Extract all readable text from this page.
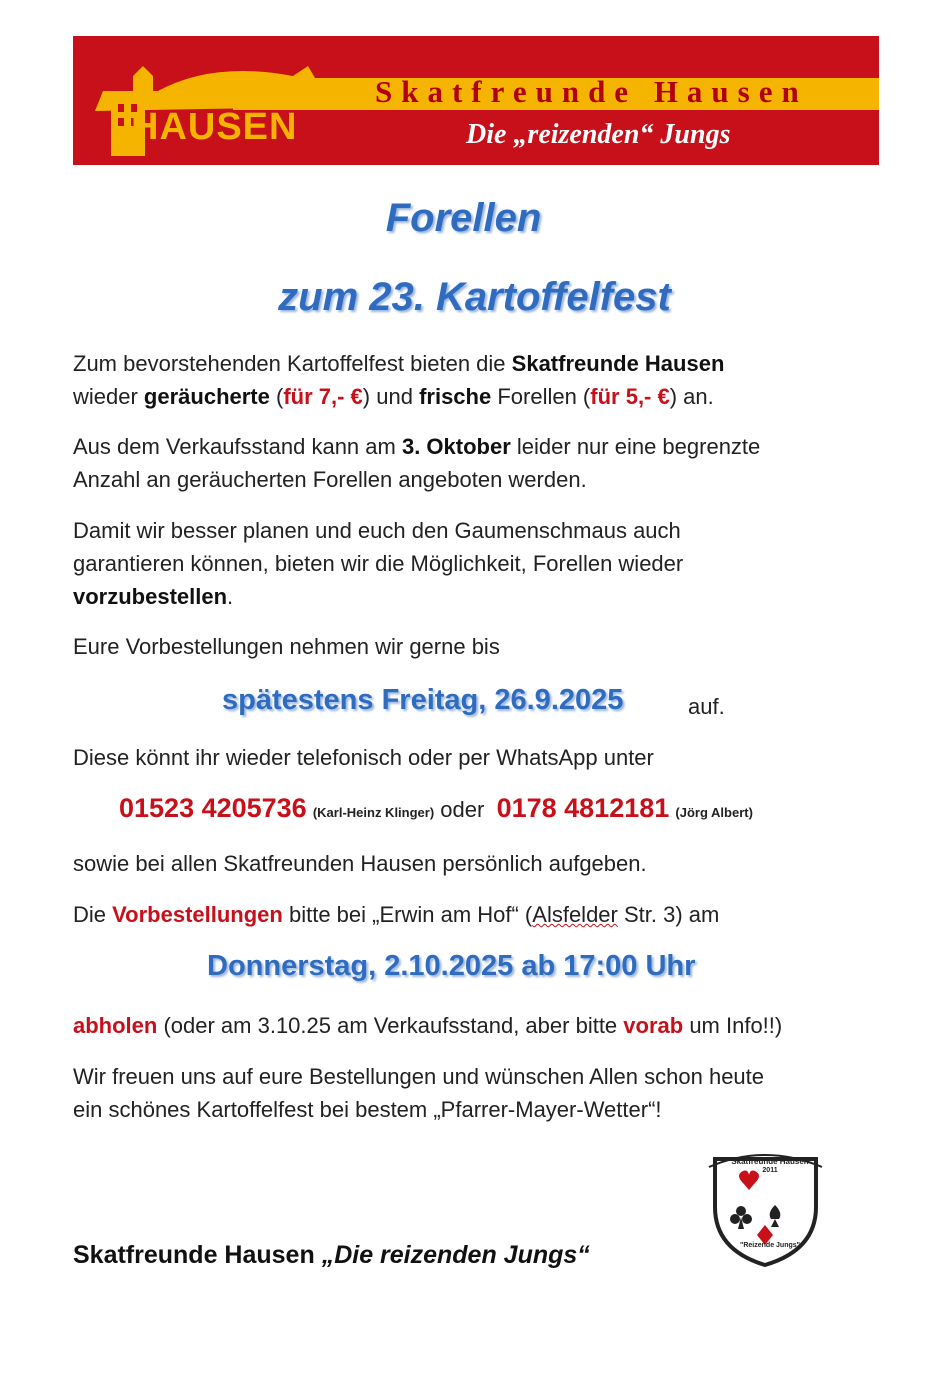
HAUSEN
Skatfreunde Hausen
Die „reizenden“ Jungs
Forellen
zum 23. Kartoffelfest
Zum bevorstehenden Kartoffelfest bieten die Skatfreunde Hausen
wieder geräucherte (für 7,- €) und frische Forellen (für 5,- €) an.
Aus dem Verkaufsstand kann am 3. Oktober leider nur eine begrenzte
Anzahl an geräucherten Forellen angeboten werden.
Damit wir besser planen und euch den Gaumenschmaus auch
garantieren können, bieten wir die Möglichkeit, Forellen wieder
vorzubestellen.
Eure Vorbestellungen nehmen wir gerne bis
spätestens Freitag, 26.9.2025	auf.
Diese könnt ihr wieder telefonisch oder per WhatsApp unter
01523 4205736 (Karl-Heinz Klinger) oder 0178 4812181 (Jörg Albert)
sowie bei allen Skatfreunden Hausen persönlich aufgeben.
Die Vorbestellungen bitte bei „Erwin am Hof“ (Alsfelder Str. 3) am
Donnerstag, 2.10.2025 ab 17:00 Uhr
abholen (oder am 3.10.25 am Verkaufsstand, aber bitte vorab um Info!!)
Wir freuen uns auf eure Bestellungen und wünschen Allen schon heute
ein schönes Kartoffelfest bei bestem „Pfarrer-Mayer-Wetter“!
Skatfreunde Hausen
2011
"Reizende Jungs"
Skatfreunde Hausen „Die reizenden Jungs“
